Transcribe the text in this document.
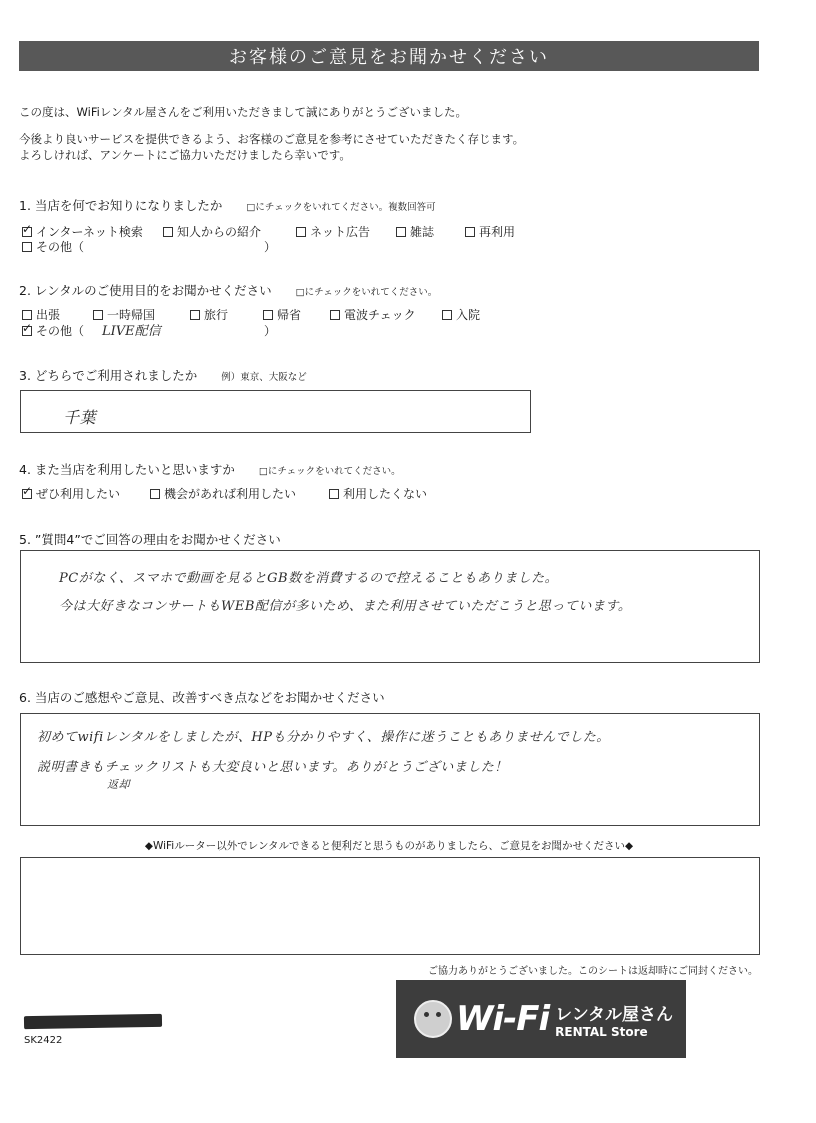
お客様のご意見をお聞かせください
この度は、WiFiレンタル屋さんをご利用いただきまして誠にありがとうございました。
今後より良いサービスを提供できるよう、お客様のご意見を参考にさせていただきたく存じます。
よろしければ、アンケートにご協力いただけましたら幸いです。
1. 当店を何でお知りになりましたか	□にチェックをいれてください。複数回答可
✓インターネット検索	知人からの紹介	ネット広告	雑誌	再利用
その他（	）
2. レンタルのご使用目的をお聞かせください	□にチェックをいれてください。
出張	一時帰国	旅行	帰省	電波チェック	入院
✓その他（ LIVE配信	）
3. どちらでご利用されましたか	例）東京、大阪など
千葉
4. また当店を利用したいと思いますか	□にチェックをいれてください。
✓ぜひ利用したい	機会があれば利用したい	利用したくない
5. ”質問4”でご回答の理由をお聞かせください
PCがなく、スマホで動画を見るとGB数を消費するので控えることもありました。
今は大好きなコンサートもWEB配信が多いため、また利用させていただこうと思っています。
6. 当店のご感想やご意見、改善すべき点などをお聞かせください
初めてwifiレンタルをしましたが、HPも分かりやすく、操作に迷うこともありませんでした。
説明書きもチェックリストも大変良いと思います。ありがとうございました！
返却
◆WiFiルーター以外でレンタルできると便利だと思うものがありましたら、ご意見をお聞かせください◆
ご協力ありがとうございました。このシートは返却時にご同封ください。
SK2422
Wi-Fi レンタル屋さん
RENTAL Store
